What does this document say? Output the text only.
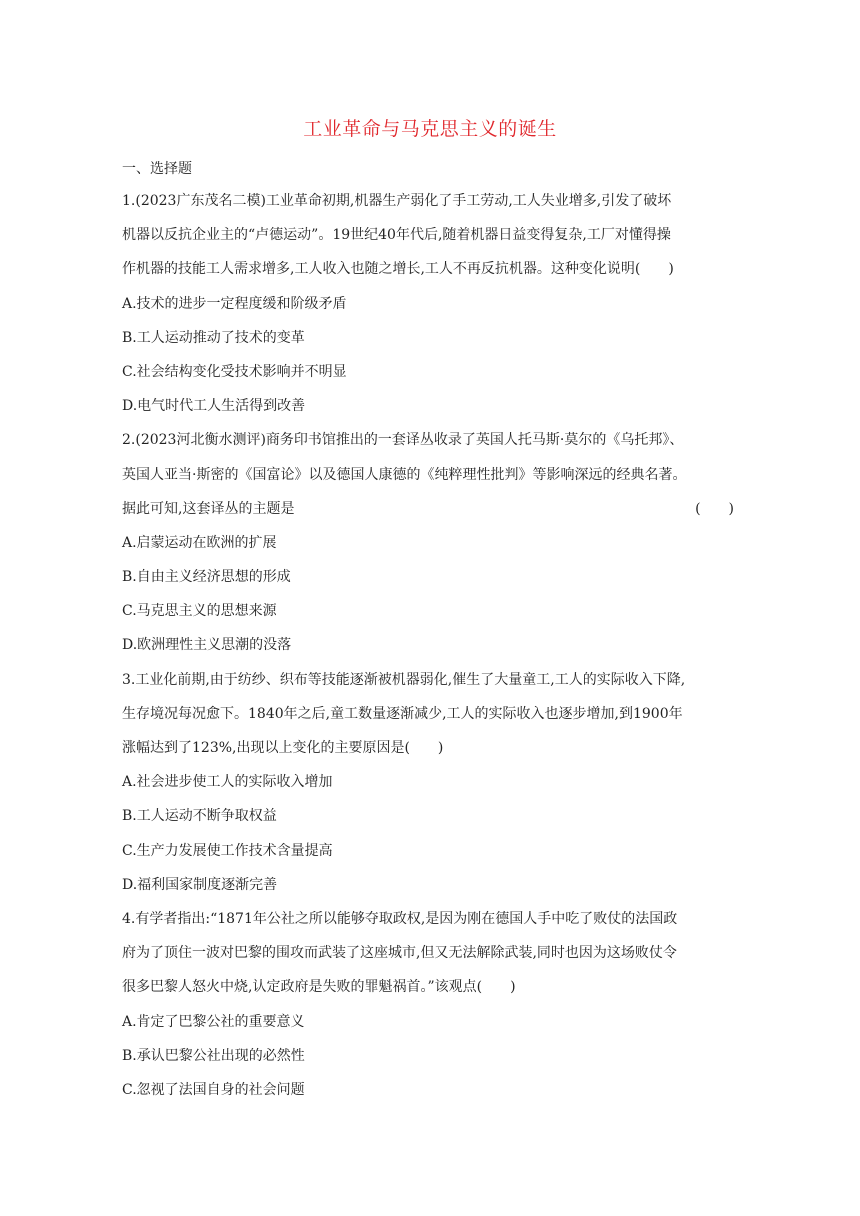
工业革命与马克思主义的诞生
一、选择题
1.(2023广东茂名二模)工业革命初期,机器生产弱化了手工劳动,工人失业增多,引发了破坏
机器以反抗企业主的“卢德运动”。19世纪40年代后,随着机器日益变得复杂,工厂对懂得操
作机器的技能工人需求增多,工人收入也随之增长,工人不再反抗机器。这种变化说明(　　)
A.技术的进步一定程度缓和阶级矛盾
B.工人运动推动了技术的变革
C.社会结构变化受技术影响并不明显
D.电气时代工人生活得到改善
2.(2023河北衡水测评)商务印书馆推出的一套译丛收录了英国人托马斯·莫尔的《乌托邦》、
英国人亚当·斯密的《国富论》以及德国人康德的《纯粹理性批判》等影响深远的经典名著。
据此可知,这套译丛的主题是	(　　)
A.启蒙运动在欧洲的扩展
B.自由主义经济思想的形成
C.马克思主义的思想来源
D.欧洲理性主义思潮的没落
3.工业化前期,由于纺纱、织布等技能逐渐被机器弱化,催生了大量童工,工人的实际收入下降,
生存境况每况愈下。1840年之后,童工数量逐渐减少,工人的实际收入也逐步增加,到1900年
涨幅达到了123%,出现以上变化的主要原因是(　　)
A.社会进步使工人的实际收入增加
B.工人运动不断争取权益
C.生产力发展使工作技术含量提高
D.福利国家制度逐渐完善
4.有学者指出:“1871年公社之所以能够夺取政权,是因为刚在德国人手中吃了败仗的法国政
府为了顶住一波对巴黎的围攻而武装了这座城市,但又无法解除武装,同时也因为这场败仗令
很多巴黎人怒火中烧,认定政府是失败的罪魁祸首。”该观点(　　)
A.肯定了巴黎公社的重要意义
B.承认巴黎公社出现的必然性
C.忽视了法国自身的社会问题
